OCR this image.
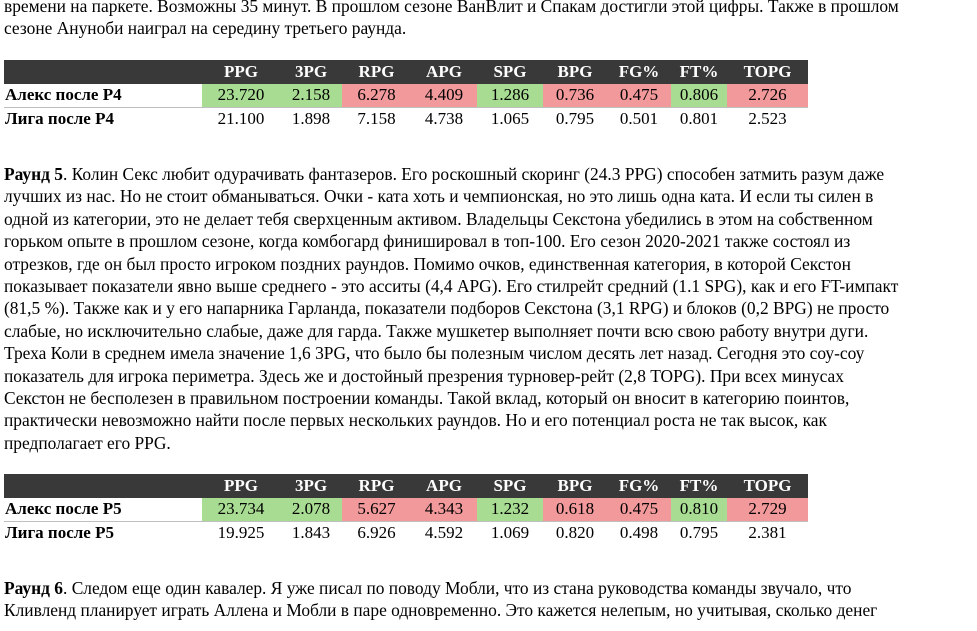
времени на паркете. Возможны 35 минут. В прошлом сезоне ВанВлит и Спакам достигли этой цифры. Также в прошлом
сезоне Ануноби наиграл на середину третьего раунда.
	PPG	3PG	RPG	APG	SPG	BPG	FG%	FT%	TOPG
Алекс после Р4	23.720	2.158	6.278	4.409	1.286	0.736	0.475	0.806	2.726
Лига после Р4	21.100	1.898	7.158	4.738	1.065	0.795	0.501	0.801	2.523
Раунд 5. Колин Секс любит одурачивать фантазеров. Его роскошный скоринг (24.3 PPG) способен затмить разум даже
лучших из нас. Но не стоит обманываться. Очки - ката хоть и чемпионская, но это лишь одна ката. И если ты силен в
одной из категории, это не делает тебя сверхценным активом. Владельцы Секстона убедились в этом на собственном
горьком опыте в прошлом сезоне, когда комбогард финишировал в топ-100. Его сезон 2020-2021 также состоял из
отрезков, где он был просто игроком поздних раундов. Помимо очков, единственная категория, в которой Секстон
показывает показатели явно выше среднего - это асситы (4,4 APG). Его стилрейт средний (1.1 SPG), как и его FT-импакт
(81,5 %). Также как и у его напарника Гарланда, показатели подборов Секстона (3,1 RPG) и блоков (0,2 BPG) не просто
слабые, но исключительно слабые, даже для гарда. Также мушкетер выполняет почти всю свою работу внутри дуги.
Треха Коли в среднем имела значение 1,6 3PG, что было бы полезным числом десять лет назад. Сегодня это соу-соу
показатель для игрока периметра. Здесь же и достойный презрения турновер-рейт (2,8 TOPG). При всех минусах
Секстон не бесполезен в правильном построении команды. Такой вклад, который он вносит в категорию поинтов,
практически невозможно найти после первых нескольких раундов. Но и его потенциал роста не так высок, как
предполагает его PPG.
	PPG	3PG	RPG	APG	SPG	BPG	FG%	FT%	TOPG
Алекс после Р5	23.734	2.078	5.627	4.343	1.232	0.618	0.475	0.810	2.729
Лига после Р5	19.925	1.843	6.926	4.592	1.069	0.820	0.498	0.795	2.381
Раунд 6. Следом еще один кавалер. Я уже писал по поводу Мобли, что из стана руководства команды звучало, что
Кливленд планирует играть Аллена и Мобли в паре одновременно. Это кажется нелепым, но учитывая, сколько денег
